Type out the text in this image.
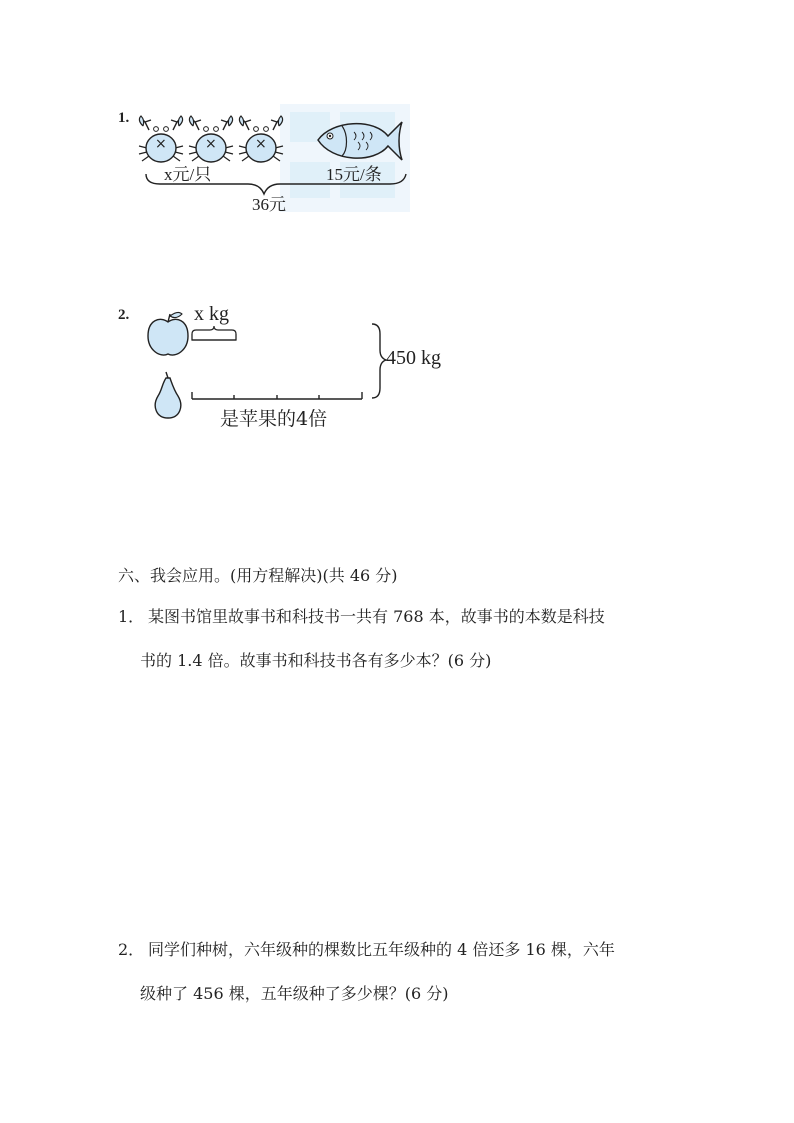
1.
×	×	×
x元/只	15元/条
36元
2.	x kg
是苹果的4倍
450 kg
六、我会应用。(用方程解决)(共 46 分)
1． 某图书馆里故事书和科技书一共有 768 本，故事书的本数是科技
书的 1.4 倍。故事书和科技书各有多少本？(6 分)
2． 同学们种树，六年级种的棵数比五年级种的 4 倍还多 16 棵，六年
级种了 456 棵，五年级种了多少棵？(6 分)
